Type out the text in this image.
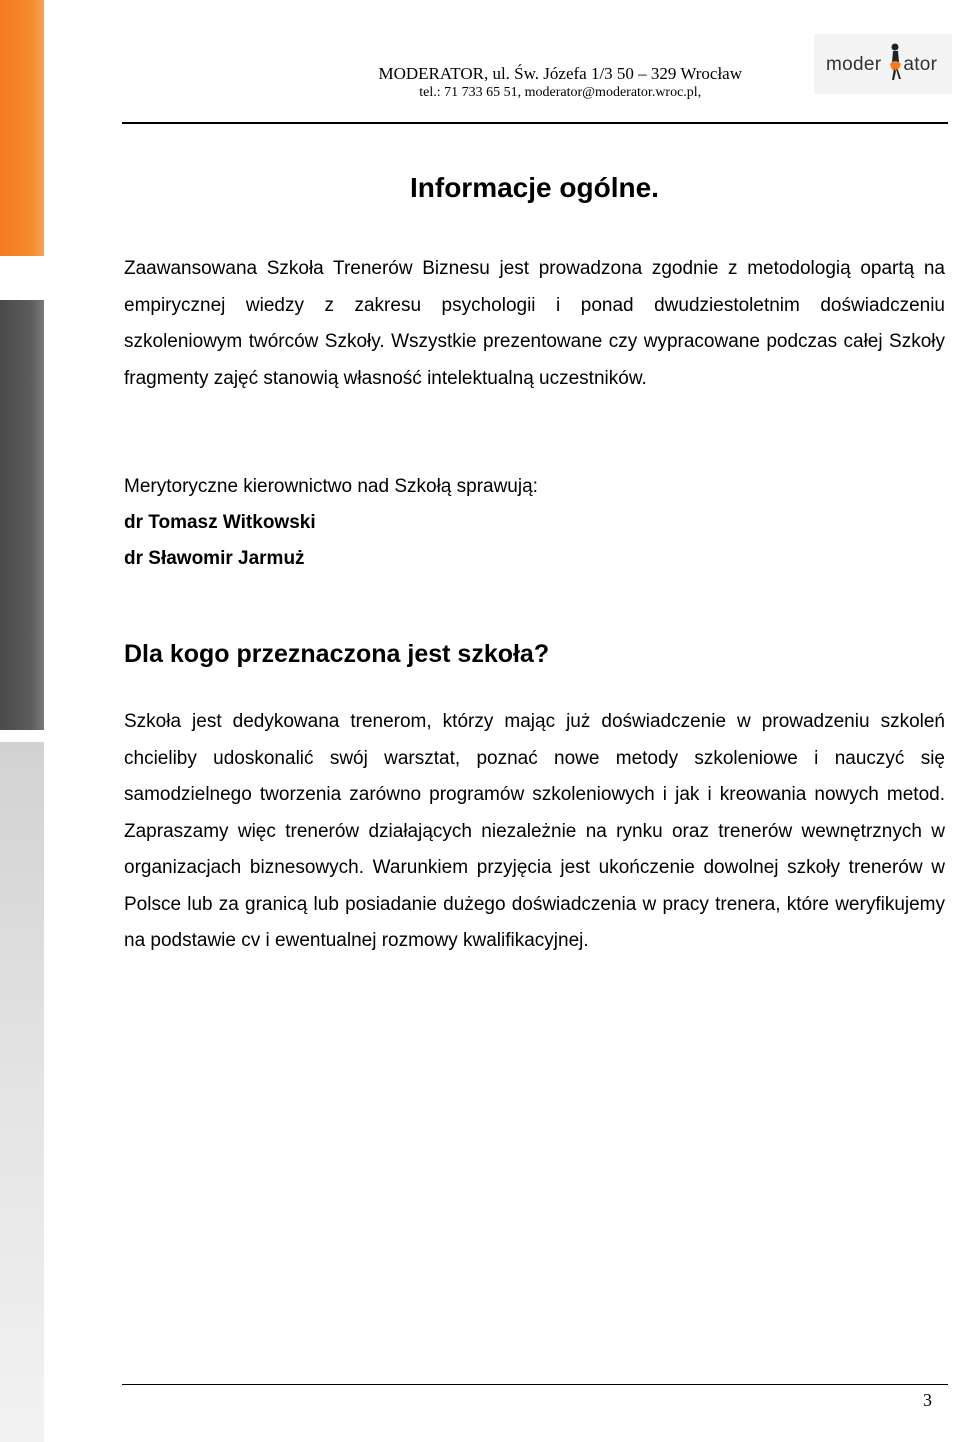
MODERATOR, ul. Św. Józefa 1/3 50 – 329 Wrocław
tel.: 71 733 65 51, moderator@moderator.wroc.pl,
moder ator
Informacje ogólne.

Zaawansowana Szkoła Trenerów Biznesu jest prowadzona zgodnie z metodologią opartą na empirycznej wiedzy z zakresu psychologii i ponad dwudziestoletnim doświadczeniu szkoleniowym twórców Szkoły. Wszystkie prezentowane czy wypracowane podczas całej Szkoły fragmenty zajęć stanowią własność intelektualną uczestników.

Merytoryczne kierownictwo nad Szkołą sprawują:

dr Tomasz Witkowski

dr Sławomir Jarmuż

Dla kogo przeznaczona jest szkoła?

Szkoła jest dedykowana trenerom, którzy mając już doświadczenie w prowadzeniu szkoleń chcieliby udoskonalić swój warsztat, poznać nowe metody szkoleniowe i nauczyć się samodzielnego tworzenia zarówno programów szkoleniowych i jak i kreowania nowych metod. Zapraszamy więc trenerów działających niezależnie na rynku oraz trenerów wewnętrznych w organizacjach biznesowych. Warunkiem przyjęcia jest ukończenie dowolnej szkoły trenerów w Polsce lub za granicą lub posiadanie dużego doświadczenia w pracy trenera, które weryfikujemy na podstawie cv i ewentualnej rozmowy kwalifikacyjnej.

3
